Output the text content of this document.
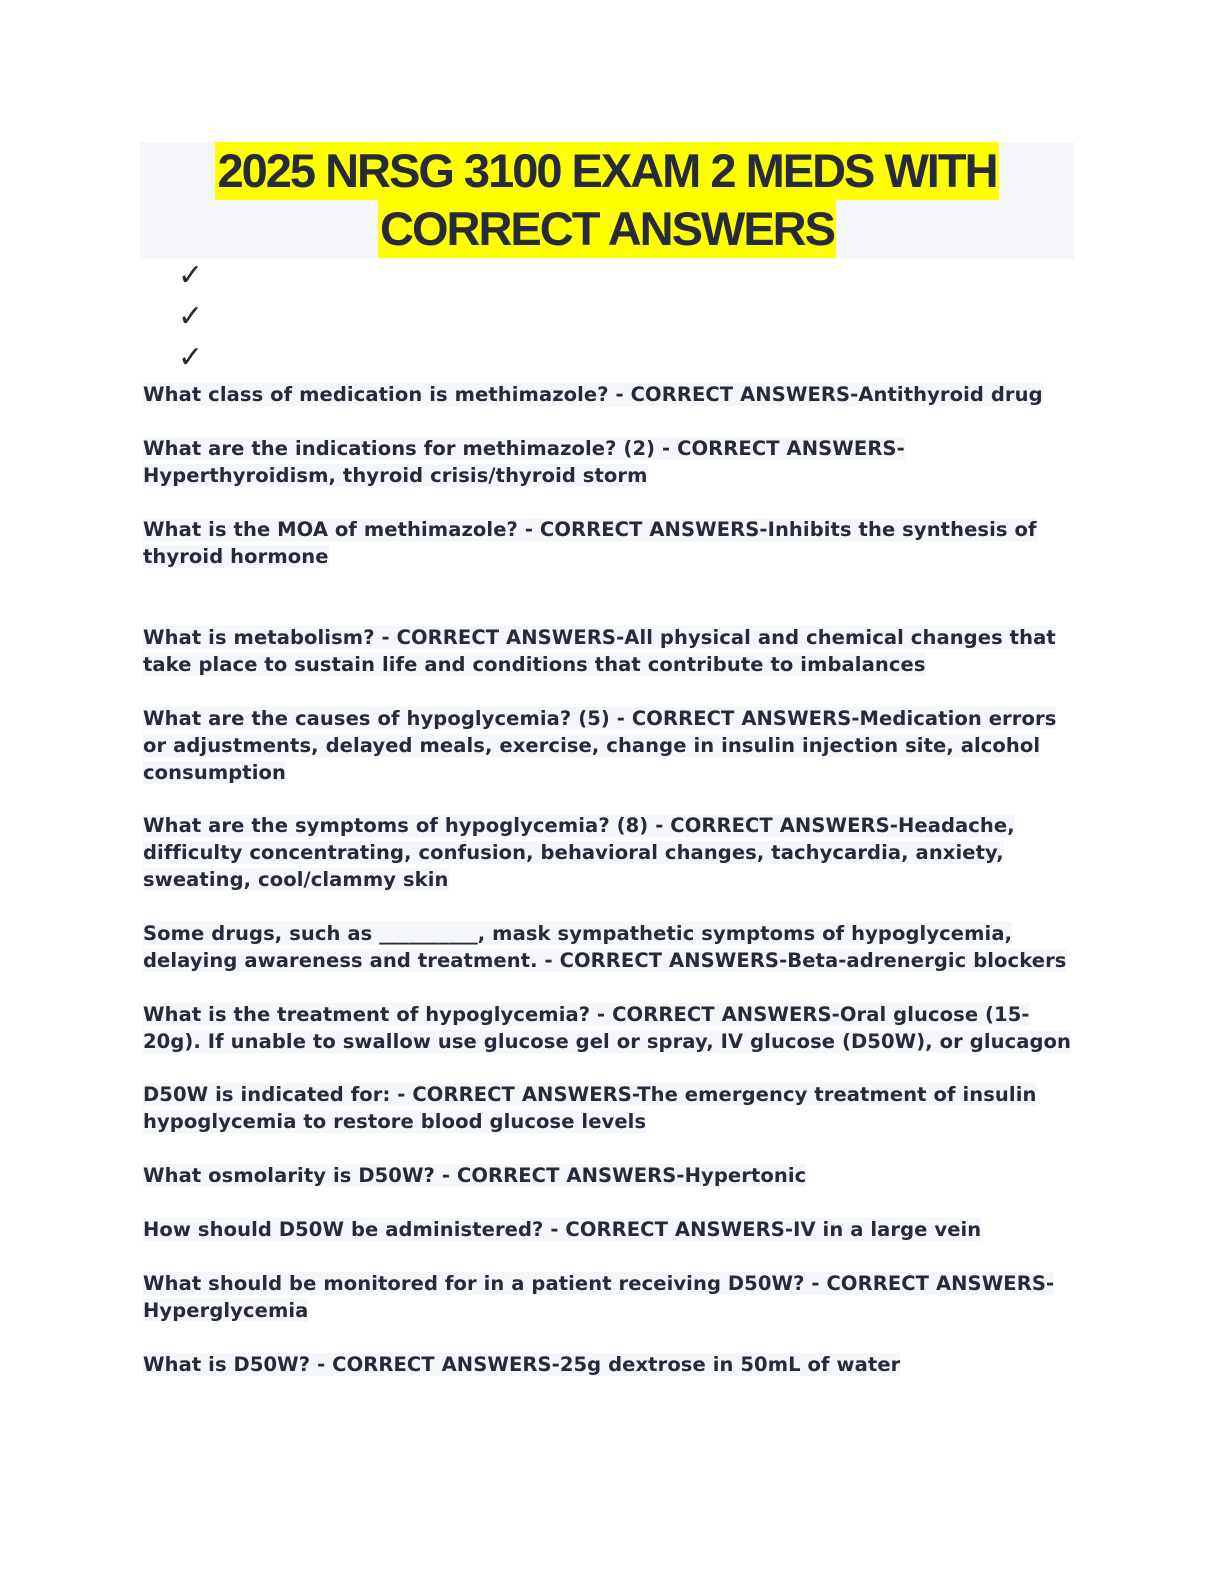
2025 NRSG 3100 EXAM 2 MEDS WITH
CORRECT ANSWERS
✓
✓
✓
What class of medication is methimazole? - CORRECT ANSWERS-Antithyroid drug
What are the indications for methimazole? (2) - CORRECT ANSWERS-Hyperthyroidism, thyroid crisis/thyroid storm
What is the MOA of methimazole? - CORRECT ANSWERS-Inhibits the synthesis of thyroid hormone
What is metabolism? - CORRECT ANSWERS-All physical and chemical changes that take place to sustain life and conditions that contribute to imbalances
What are the causes of hypoglycemia? (5) - CORRECT ANSWERS-Medication errors or adjustments, delayed meals, exercise, change in insulin injection site, alcohol consumption
What are the symptoms of hypoglycemia? (8) - CORRECT ANSWERS-Headache, difficulty concentrating, confusion, behavioral changes, tachycardia, anxiety, sweating, cool/clammy skin
Some drugs, such as __________, mask sympathetic symptoms of hypoglycemia, delaying awareness and treatment. - CORRECT ANSWERS-Beta-adrenergic blockers
What is the treatment of hypoglycemia? - CORRECT ANSWERS-Oral glucose (15-20g). If unable to swallow use glucose gel or spray, IV glucose (D50W), or glucagon
D50W is indicated for: - CORRECT ANSWERS-The emergency treatment of insulin hypoglycemia to restore blood glucose levels
What osmolarity is D50W? - CORRECT ANSWERS-Hypertonic
How should D50W be administered? - CORRECT ANSWERS-IV in a large vein
What should be monitored for in a patient receiving D50W? - CORRECT ANSWERS-Hyperglycemia
What is D50W? - CORRECT ANSWERS-25g dextrose in 50mL of water
